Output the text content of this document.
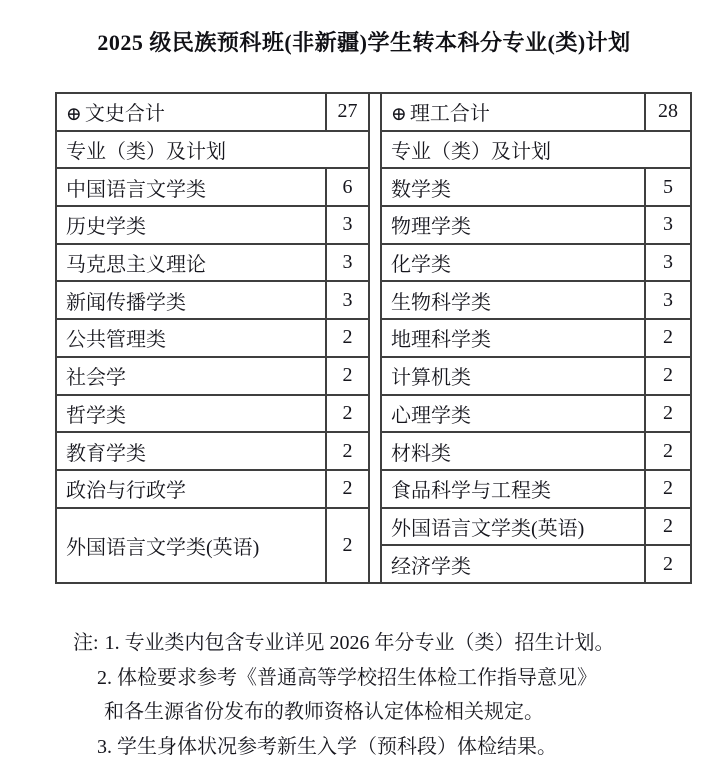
2025 级民族预科班(非新疆)学生转本科分专业(类)计划
⊕ 文史合计	27		⊕ 理工合计	28
专业（类）及计划			专业（类）及计划	
中国语言文学类	6		数学类	5
历史学类	3		物理学类	3
马克思主义理论	3		化学类	3
新闻传播学类	3		生物科学类	3
公共管理类	2		地理科学类	2
社会学	2		计算机类	2
哲学类	2		心理学类	2
教育学类	2		材料类	2
政治与行政学	2		食品科学与工程类	2
外国语言文学类(英语)	2		外国语言文学类(英语)	2
			经济学类	2
注: 1. 专业类内包含专业详见 2026 年分专业（类）招生计划。
2. 体检要求参考《普通高等学校招生体检工作指导意见》
和各生源省份发布的教师资格认定体检相关规定。
3. 学生身体状况参考新生入学（预科段）体检结果。
